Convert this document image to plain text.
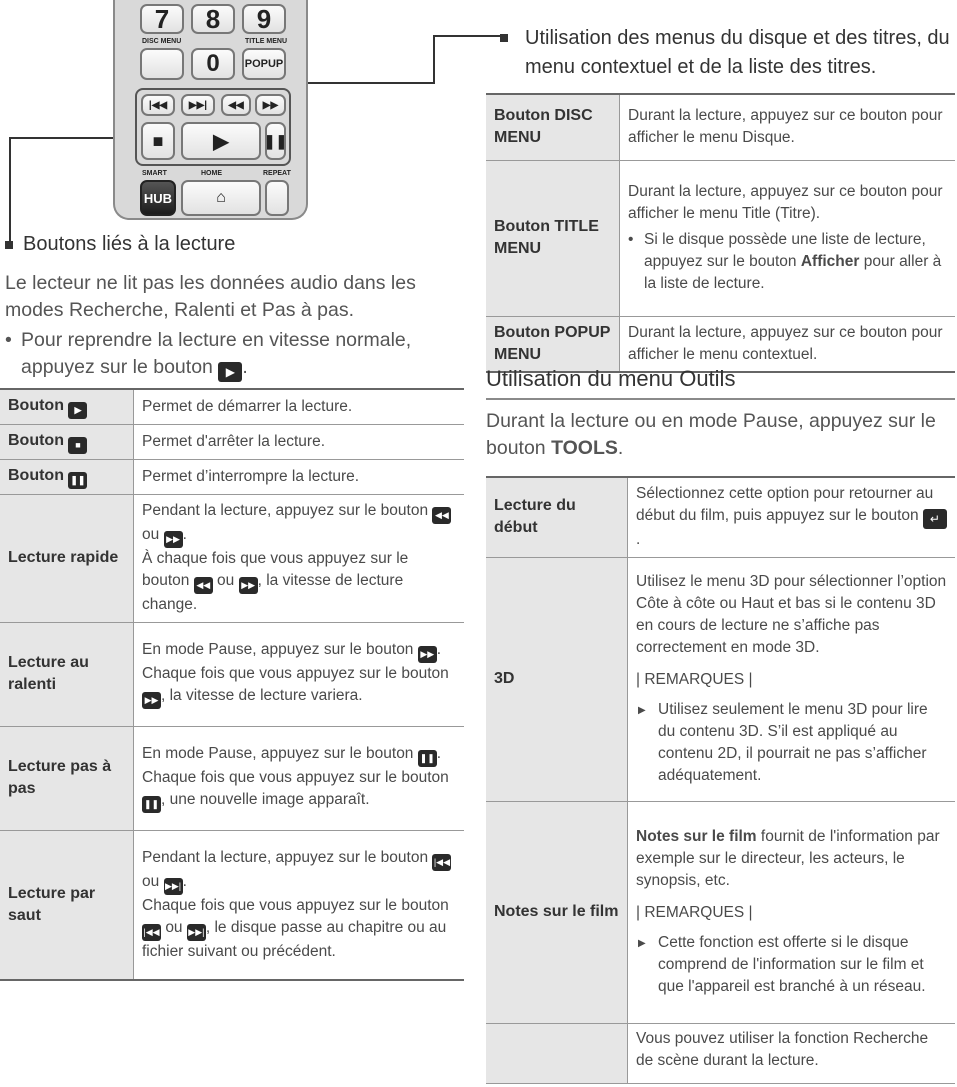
7	8	9
DISC MENU	TITLE MENU
0	POPUP
|◀◀	▶▶|	◀◀	▶▶
■	▶	❚❚
SMART	HOME	REPEAT
HUB	⌂
Boutons liés à la lecture
Le lecteur ne lit pas les données audio dans les modes Recherche, Ralenti et Pas à pas.
• Pour reprendre la lecture en vitesse normale, appuyez sur le bouton ▶ .
Bouton ▶	Permet de démarrer la lecture.
Bouton ■	Permet d'arrêter la lecture.
Bouton ❚❚	Permet d’interrompre la lecture.
Lecture rapide	Pendant la lecture, appuyez sur le bouton ◀◀ ou ▶▶ .
À chaque fois que vous appuyez sur le bouton ◀◀ ou ▶▶ , la vitesse de lecture change.
Lecture au ralenti	En mode Pause, appuyez sur le bouton ▶▶ .
Chaque fois que vous appuyez sur le bouton ▶▶ , la vitesse de lecture variera.
Lecture pas à pas	En mode Pause, appuyez sur le bouton ❚❚ .
Chaque fois que vous appuyez sur le bouton ❚❚ , une nouvelle image apparaît.
Lecture par saut	Pendant la lecture, appuyez sur le bouton |◀◀ ou ▶▶|.
Chaque fois que vous appuyez sur le bouton |◀◀ ou ▶▶|, le disque passe au chapitre ou au fichier suivant ou précédent.
Utilisation des menus du disque et des titres, du menu contextuel et de la liste des titres.
Bouton DISC MENU	Durant la lecture, appuyez sur ce bouton pour afficher le menu Disque.
Bouton TITLE MENU	Durant la lecture, appuyez sur ce bouton pour afficher le menu Title (Titre).
• Si le disque possède une liste de lecture, appuyez sur le bouton Afficher pour aller à la liste de lecture.

Bouton POPUP MENU	Durant la lecture, appuyez sur ce bouton pour afficher le menu contextuel.
Utilisation du menu Outils
Durant la lecture ou en mode Pause, appuyez sur le bouton TOOLS.
Lecture du début	Sélectionnez cette option pour retourner au début du film, puis appuyez sur le bouton ↵.
3D	Utilisez le menu 3D pour sélectionner l’option Côte à côte ou Haut et bas si le contenu 3D en cours de lecture ne s’affiche pas correctement en mode 3D.
| REMARQUES |
▶ Utilisez seulement le menu 3D pour lire du contenu 3D. S’il est appliqué au contenu 2D, il pourrait ne pas s’afficher adéquatement.

Notes sur le film	Notes sur le film fournit de l'information par exemple sur le directeur, les acteurs, le synopsis, etc.
| REMARQUES |
▶ Cette fonction est offerte si le disque comprend de l'information sur le film et que l'appareil est branché à un réseau.

	Vous pouvez utiliser la fonction Recherche de scène durant la lecture.
